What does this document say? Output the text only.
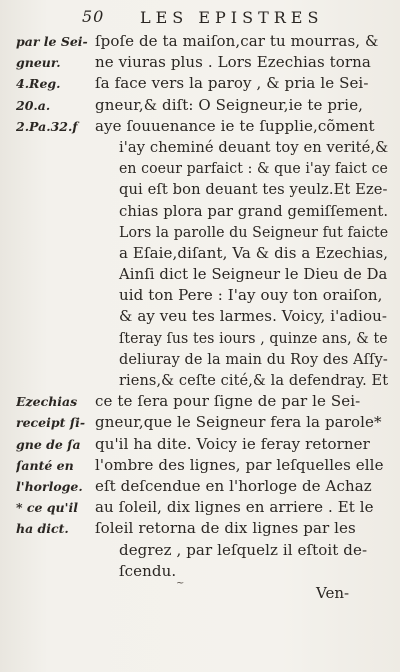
50 LES EPISTRES
par le Sei- ſpoſe de ta maiſon,car tu mourras, &
gneur.	ne viuras plus . Lors Ezechias torna
4.Reg.	ſa face vers la paroy , & pria le Sei-
20.a.	gneur,& diſt: O Seigneur,ie te prie,
2.Pa.32.f	aye ſouuenance ie te ſupplie,cõment
i'ay cheminé deuant toy en verité,&
en coeur parfaict : & que i'ay faict ce
qui eſt bon deuant tes yeulz.Et Eze-
chias plora par grand gemiſſement.
Lors la parolle du Seigneur fut faicte
a Eſaie,diſant, Va & dis a Ezechias,
Ainſi dict le Seigneur le Dieu de Da
uid ton Pere : I'ay ouy ton oraiſon,
& ay veu tes larmes. Voicy, i'adiou-
ſteray ſus tes iours , quinze ans, & te
deliuray de la main du Roy des Aſſy-
riens,& ceſte cité,& la defendray. Et
Ezechias	ce te ſera pour ſigne de par le Sei-
receipt ſi- gneur,que le Seigneur fera la parole*
gne de ſa qu'il ha dite. Voicy ie feray retorner
ſanté en	l'ombre des lignes, par leſquelles elle
l'horloge. eſt deſcendue en l'horloge de Achaz
* ce qu'il	au ſoleil, dix lignes en arriere . Et le
ha dict.	ſoleil retorna de dix lignes par les
degrez , par leſquelz il eſtoit de-
ſcendu.
~
Ven-
